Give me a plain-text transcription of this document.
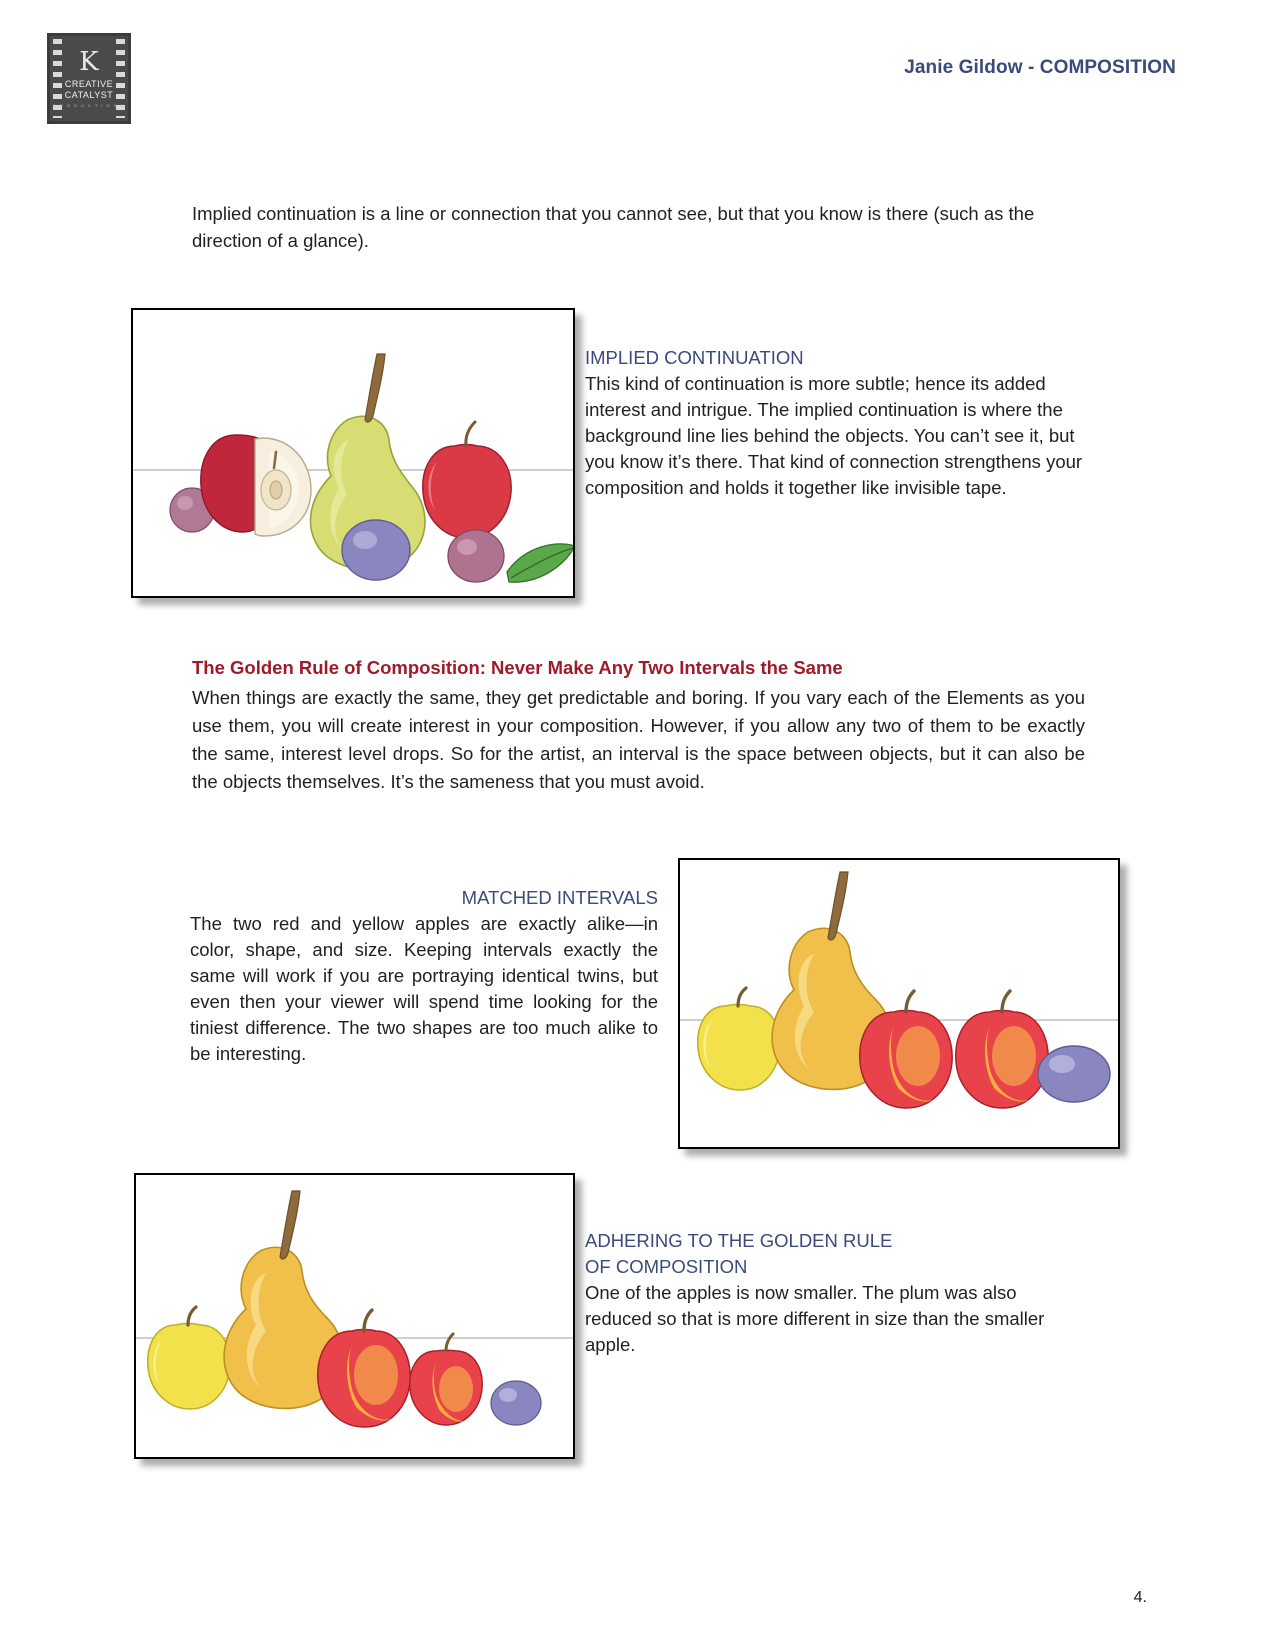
K
CREATIVE
CATALYST
P R O D U C T I O N S
Janie Gildow - COMPOSITION
Implied continuation is a line or connection that you cannot see, but that you know is there (such as the direction of a glance).
IMPLIED CONTINUATION
This kind of continuation is more subtle; hence its added interest and intrigue. The implied continuation is where the background line lies behind the objects. You can’t see it, but you know it’s there. That kind of connection strengthens your composition and holds it together like invisible tape.
The Golden Rule of Composition: Never Make Any Two Intervals the Same
When things are exactly the same, they get predictable and boring. If you vary each of the Elements as you use them, you will create interest in your composition. However, if you allow any two of them to be exactly the same, interest level drops. So for the artist, an interval is the space between objects, but it can also be the objects themselves. It’s the sameness that you must avoid.
MATCHED INTERVALS
The two red and yellow apples are exactly alike—in color, shape, and size. Keeping intervals exactly the same will work if you are portraying identical twins, but even then your viewer will spend time looking for the tiniest difference. The two shapes are too much alike to be interesting.
ADHERING TO THE GOLDEN RULE
OF COMPOSITION
One of the apples is now smaller. The plum was also reduced so that is more different in size than the smaller apple.
4.
